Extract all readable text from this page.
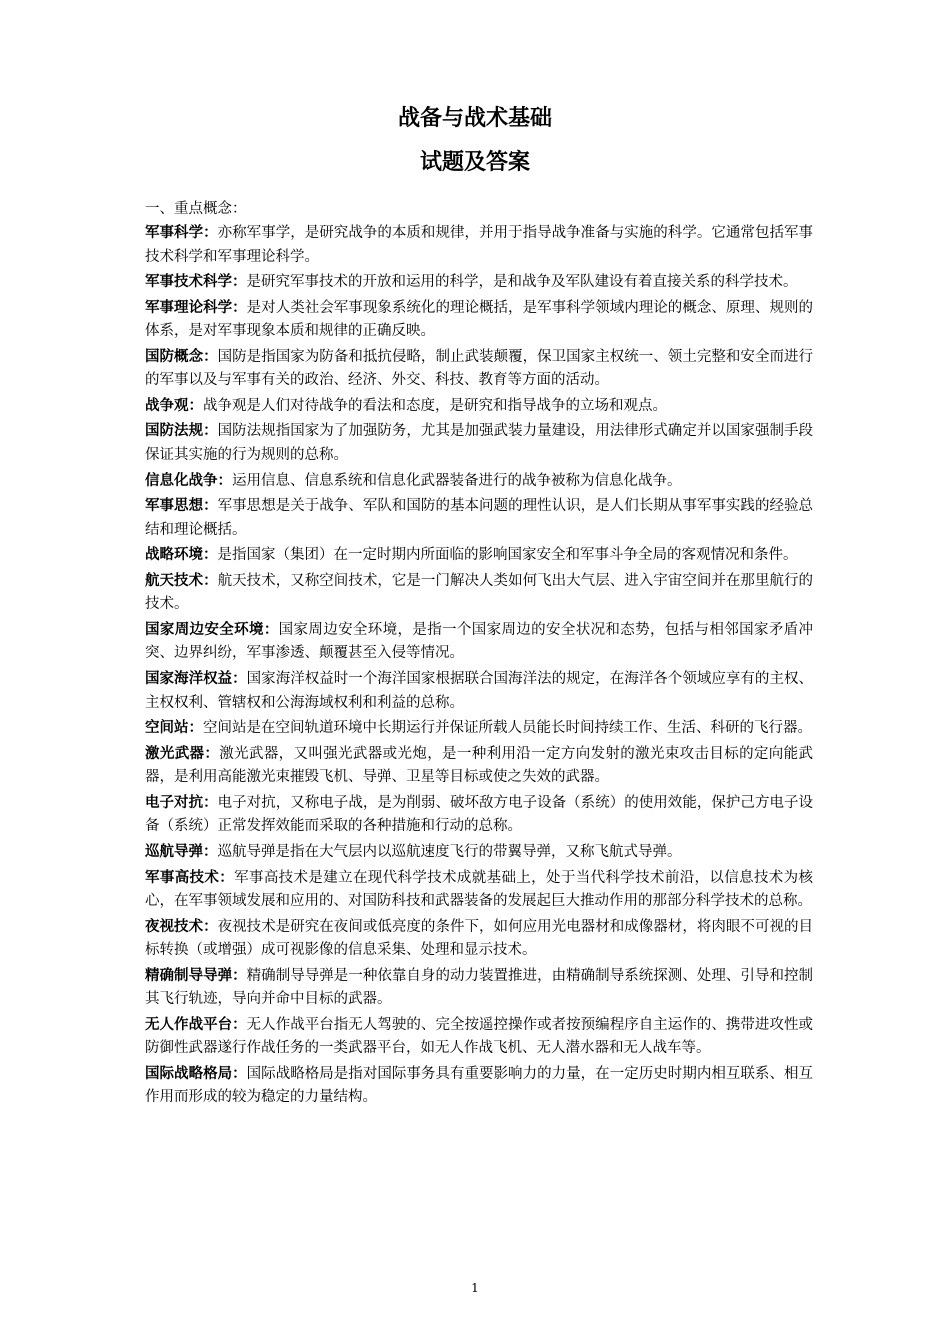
战备与战术基础
试题及答案

一、重点概念：

军事科学：亦称军事学，是研究战争的本质和规律，并用于指导战争准备与实施的科学。它通常包括军事技术科学和军事理论科学。

军事技术科学：是研究军事技术的开放和运用的科学，是和战争及军队建设有着直接关系的科学技术。

军事理论科学：是对人类社会军事现象系统化的理论概括，是军事科学领域内理论的概念、原理、规则的体系，是对军事现象本质和规律的正确反映。

国防概念：国防是指国家为防备和抵抗侵略，制止武装颠覆，保卫国家主权统一、领土完整和安全而进行的军事以及与军事有关的政治、经济、外交、科技、教育等方面的活动。

战争观：战争观是人们对待战争的看法和态度，是研究和指导战争的立场和观点。

国防法规：国防法规指国家为了加强防务，尤其是加强武装力量建设，用法律形式确定并以国家强制手段保证其实施的行为规则的总称。

信息化战争：运用信息、信息系统和信息化武器装备进行的战争被称为信息化战争。

军事思想：军事思想是关于战争、军队和国防的基本问题的理性认识，是人们长期从事军事实践的经验总结和理论概括。

战略环境：是指国家（集团）在一定时期内所面临的影响国家安全和军事斗争全局的客观情况和条件。

航天技术：航天技术，又称空间技术，它是一门解决人类如何飞出大气层、进入宇宙空间并在那里航行的技术。

国家周边安全环境：国家周边安全环境，是指一个国家周边的安全状况和态势，包括与相邻国家矛盾冲突、边界纠纷，军事渗透、颠覆甚至入侵等情况。

国家海洋权益：国家海洋权益时一个海洋国家根据联合国海洋法的规定，在海洋各个领域应享有的主权、主权权利、管辖权和公海海域权利和利益的总称。

空间站：空间站是在空间轨道环境中长期运行并保证所载人员能长时间持续工作、生活、科研的飞行器。

激光武器：激光武器，又叫强光武器或光炮，是一种利用沿一定方向发射的激光束攻击目标的定向能武器，是利用高能激光束摧毁飞机、导弹、卫星等目标或使之失效的武器。

电子对抗：电子对抗，又称电子战，是为削弱、破坏敌方电子设备（系统）的使用效能，保护己方电子设备（系统）正常发挥效能而采取的各种措施和行动的总称。

巡航导弹：巡航导弹是指在大气层内以巡航速度飞行的带翼导弹，又称飞航式导弹。

军事高技术：军事高技术是建立在现代科学技术成就基础上，处于当代科学技术前沿，以信息技术为核心，在军事领域发展和应用的、对国防科技和武器装备的发展起巨大推动作用的那部分科学技术的总称。

夜视技术：夜视技术是研究在夜间或低亮度的条件下，如何应用光电器材和成像器材，将肉眼不可视的目标转换（或增强）成可视影像的信息采集、处理和显示技术。

精确制导导弹：精确制导导弹是一种依靠自身的动力装置推进，由精确制导系统探测、处理、引导和控制其飞行轨迹，导向并命中目标的武器。

无人作战平台：无人作战平台指无人驾驶的、完全按遥控操作或者按预编程序自主运作的、携带进攻性或防御性武器遂行作战任务的一类武器平台，如无人作战飞机、无人潜水器和无人战车等。

国际战略格局：国际战略格局是指对国际事务具有重要影响力的力量，在一定历史时期内相互联系、相互作用而形成的较为稳定的力量结构。

1
